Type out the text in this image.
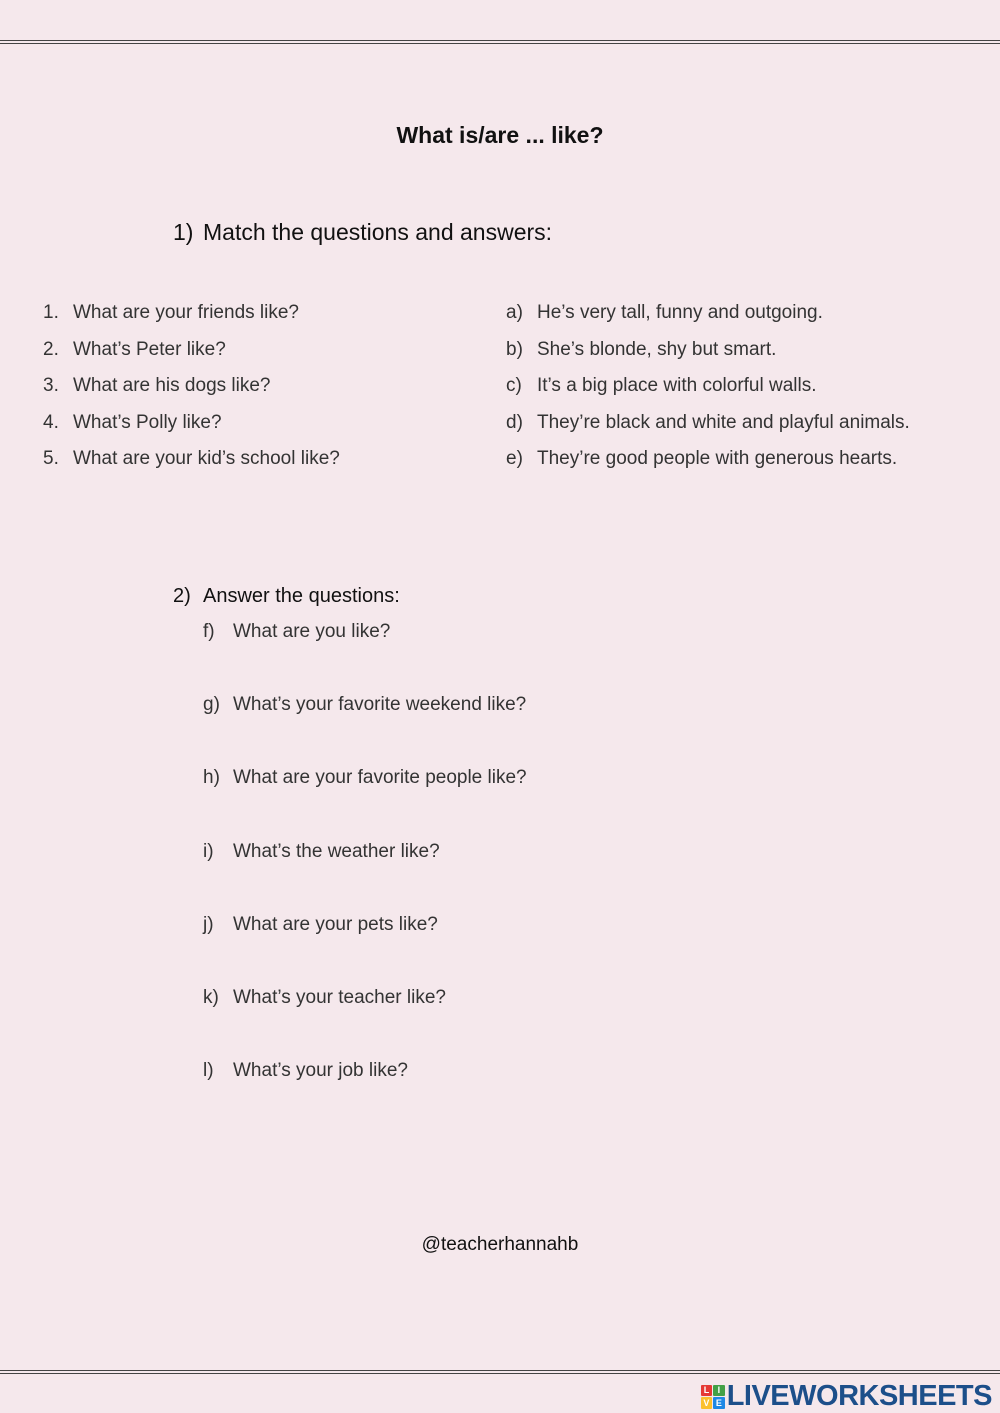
What is/are ... like?
1) Match the questions and answers:
1. What are your friends like?
2. What’s Peter like?
3. What are his dogs like?
4. What’s Polly like?
5. What are your kid’s school like?
a) He’s very tall, funny and outgoing.
b) She’s blonde, shy but smart.
c) It’s a big place with colorful walls.
d) They’re black and white and playful animals.
e) They’re good people with generous hearts.
2) Answer the questions:
f) What are you like?
g) What’s your favorite weekend like?
h) What are your favorite people like?
i) What’s the weather like?
j) What are your pets like?
k) What’s your teacher like?
l) What’s your job like?
@teacherhannahb
L I
V E LIVEWORKSHEETS
